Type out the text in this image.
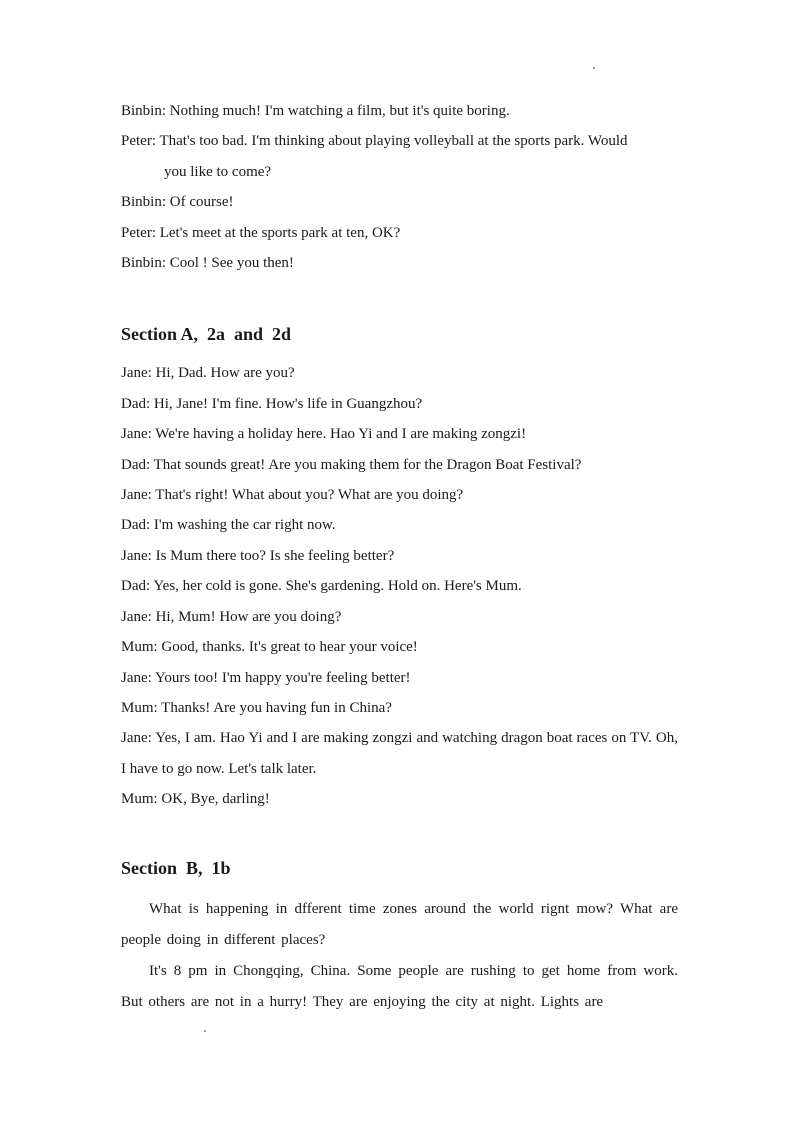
Binbin: Nothing much! I'm watching a film, but it's quite boring.
Peter: That's too bad. I'm thinking about playing volleyball at the sports park. Would
you like to come?
Binbin: Of course!
Peter: Let's meet at the sports park at ten, OK?
Binbin: Cool ! See you then!
Section A,  2a  and  2d
Jane: Hi, Dad. How are you?
Dad: Hi, Jane! I'm fine. How's life in Guangzhou?
Jane: We're having a holiday here. Hao Yi and I are making zongzi!
Dad: That sounds great! Are you making them for the Dragon Boat Festival?
Jane: That's right! What about you? What are you doing?
Dad: I'm washing the car right now.
Jane: Is Mum there too? Is she feeling better?
Dad: Yes, her cold is gone. She's gardening. Hold on. Here's Mum.
Jane: Hi, Mum! How are you doing?
Mum: Good, thanks. It's great to hear your voice!
Jane: Yours too! I'm happy you're feeling better!
Mum: Thanks! Are you having fun in China?
Jane: Yes, I am. Hao Yi and I are making zongzi and watching dragon boat races on TV. Oh, I have to go now. Let's talk later.
Mum: OK, Bye, darling!
Section  B,  1b

What is happening in dfferent time zones around the world rignt mow? What are people doing in different places?

It's 8 pm in Chongqing, China. Some people are rushing to get home from work. But others are not in a hurry! They are enjoying the city at night. Lights are
